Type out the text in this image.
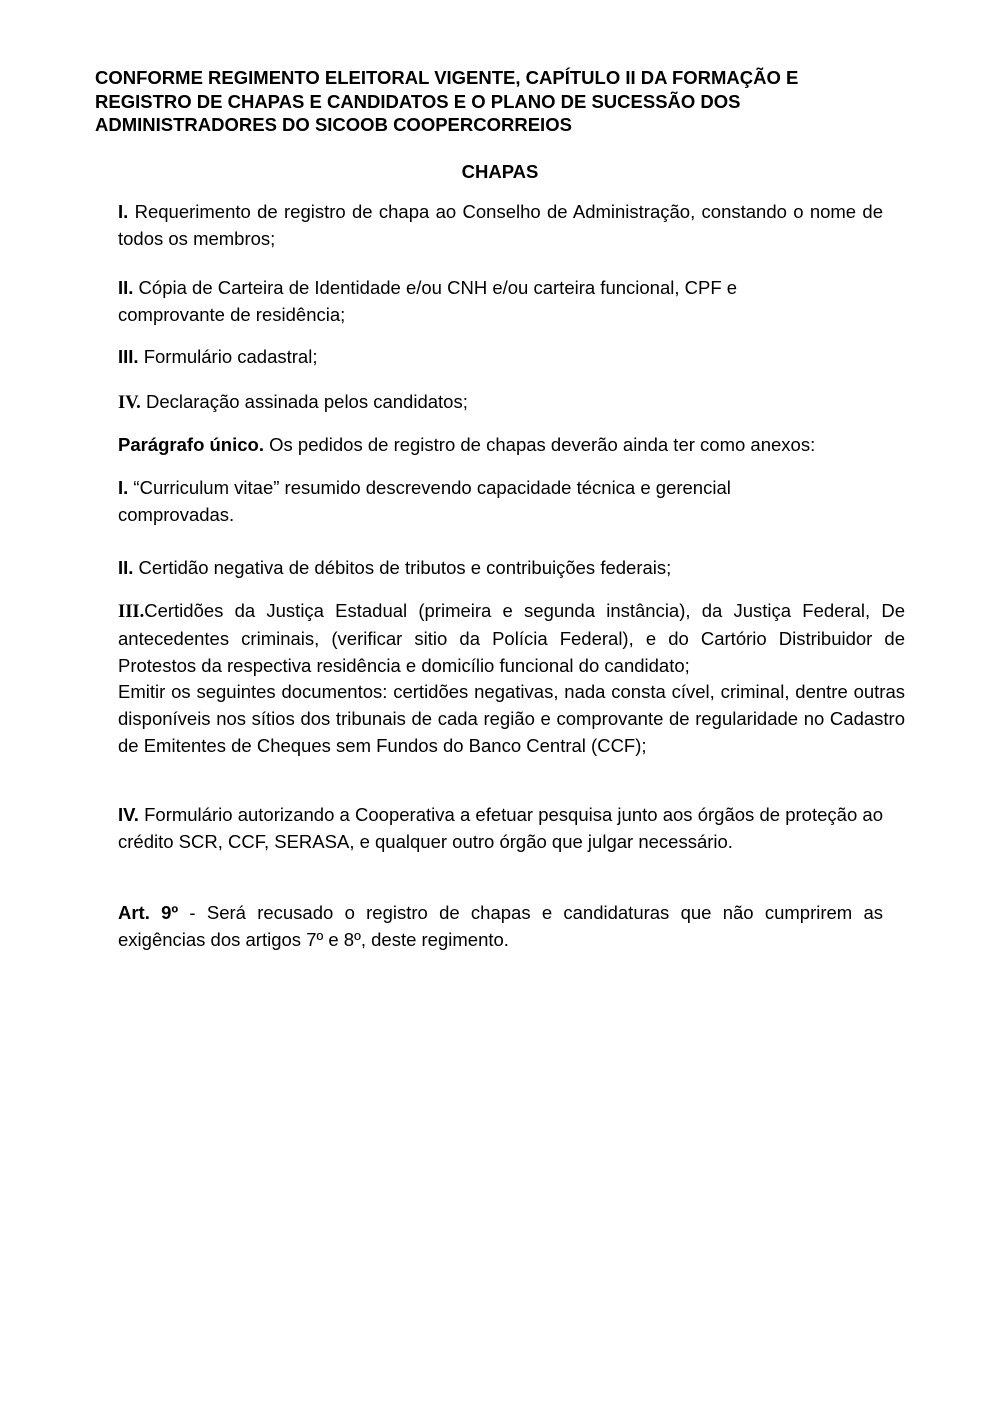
CONFORME REGIMENTO ELEITORAL VIGENTE, CAPÍTULO II DA FORMAÇÃO E REGISTRO DE CHAPAS E CANDIDATOS E O PLANO DE SUCESSÃO DOS ADMINISTRADORES DO SICOOB COOPERCORREIOS
CHAPAS
I. Requerimento de registro de chapa ao Conselho de Administração, constando o nome de todos os membros;
II. Cópia de Carteira de Identidade e/ou CNH e/ou carteira funcional, CPF e comprovante de residência;
III. Formulário cadastral;
IV. Declaração assinada pelos candidatos;
Parágrafo único. Os pedidos de registro de chapas deverão ainda ter como anexos:
I. “Curriculum vitae” resumido descrevendo capacidade técnica e gerencial comprovadas.
II. Certidão negativa de débitos de tributos e contribuições federais;
III.Certidões da Justiça Estadual (primeira e segunda instância), da Justiça Federal, De antecedentes criminais, (verificar sitio da Polícia Federal), e do Cartório Distribuidor de Protestos da respectiva residência e domicílio funcional do candidato;
Emitir os seguintes documentos: certidões negativas, nada consta cível, criminal, dentre outras disponíveis nos sítios dos tribunais de cada região e comprovante de regularidade no Cadastro de Emitentes de Cheques sem Fundos do Banco Central (CCF);
IV. Formulário autorizando a Cooperativa a efetuar pesquisa junto aos órgãos de proteção ao crédito SCR, CCF, SERASA, e qualquer outro órgão que julgar necessário.
Art. 9º - Será recusado o registro de chapas e candidaturas que não cumprirem as exigências dos artigos 7º e 8º, deste regimento.
